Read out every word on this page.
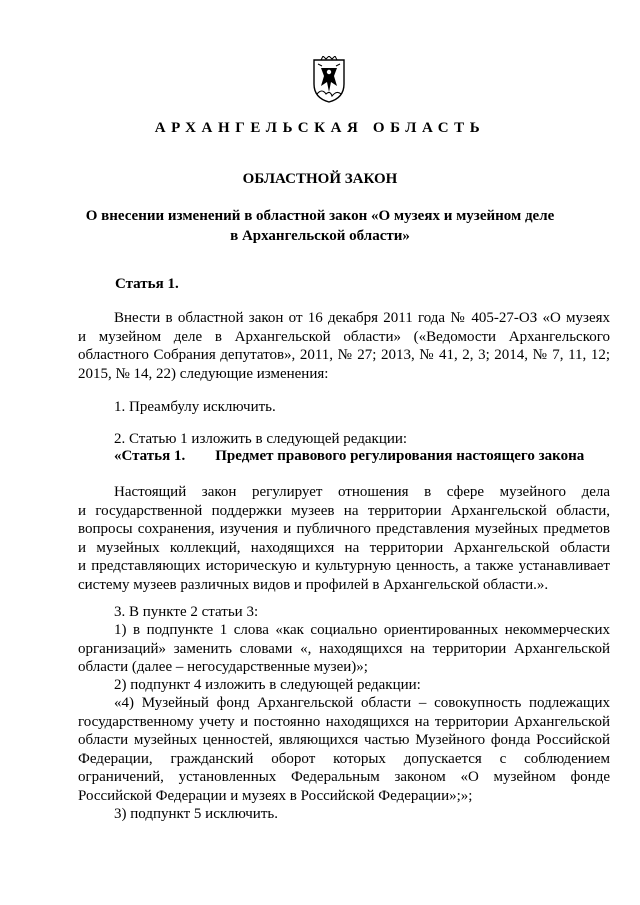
АРХАНГЕЛЬСКАЯ ОБЛАСТЬ
ОБЛАСТНОЙ ЗАКОН
О внесении изменений в областной закон «О музеях и музейном деле
в Архангельской области»
Статья 1.
Внести в областной закон от 16 декабря 2011 года № 405-27-ОЗ «О музеях
и музейном деле в Архангельской области» («Ведомости Архангельского
областного Собрания депутатов», 2011, № 27; 2013, № 41, 2, 3; 2014, № 7, 11, 12;
2015, № 14, 22) следующие изменения:
1. Преамбулу исключить.
2. Статью 1 изложить в следующей редакции:
«Статья 1. Предмет правового регулирования настоящего закона
Настоящий закон регулирует отношения в сфере музейного дела
и государственной поддержки музеев на территории Архангельской области,
вопросы сохранения, изучения и публичного представления музейных предметов
и музейных коллекций, находящихся на территории Архангельской области
и представляющих историческую и культурную ценность, а также устанавливает
систему музеев различных видов и профилей в Архангельской области.».
3. В пункте 2 статьи 3:
1) в подпункте 1 слова «как социально ориентированных некоммерческих
организаций» заменить словами «, находящихся на территории Архангельской
области (далее – негосударственные музеи)»;
2) подпункт 4 изложить в следующей редакции:
«4) Музейный фонд Архангельской области – совокупность подлежащих
государственному учету и постоянно находящихся на территории Архангельской
области музейных ценностей, являющихся частью Музейного фонда Российской
Федерации, гражданский оборот которых допускается с соблюдением
ограничений, установленных Федеральным законом «О музейном фонде
Российской Федерации и музеях в Российской Федерации»;»;
3) подпункт 5 исключить.
